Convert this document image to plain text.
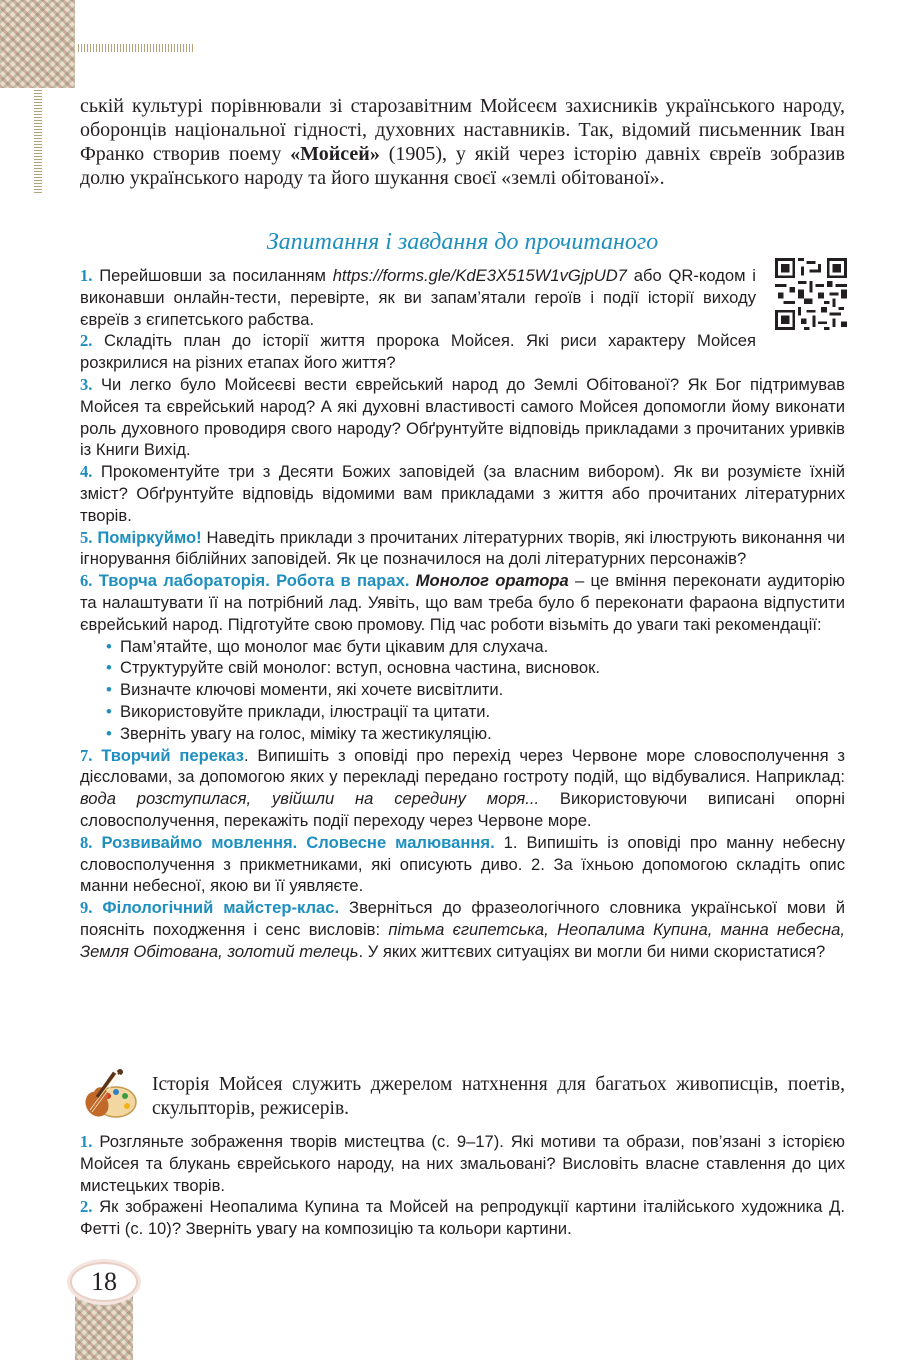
ській культурі порівнювали зі старозавітним Мойсеєм захисників українського народу, оборонців національної гідності, духовних наставників. Так, відомий письменник Іван Франко створив поему «Мойсей» (1905), у якій через історію давніх євреїв зобразив долю українського народу та його шукання своєї «землі обітованої».
Запитання і завдання до прочитаного
1. Перейшовши за посиланням https://forms.gle/KdE3X515W1vGjpUD7 або QR-кодом і виконавши онлайн-тести, перевірте, як ви запам’ятали героїв і події історії виходу євреїв з єгипетського рабства.
2. Складіть план до історії життя пророка Мойсея. Які риси характеру Мойсея розкрилися на різних етапах його життя?
3. Чи легко було Мойсеєві вести єврейський народ до Землі Обітованої? Як Бог підтримував Мойсея та єврейський народ? А які духовні властивості самого Мойсея допомогли йому виконати роль духовного проводиря свого народу? Обґрунтуйте відповідь прикладами з прочитаних уривків із Книги Вихід.
4. Прокоментуйте три з Десяти Божих заповідей (за власним вибором). Як ви розумієте їхній зміст? Обґрунтуйте відповідь відомими вам прикладами з життя або прочитаних літературних творів.
5. Поміркуймо! Наведіть приклади з прочитаних літературних творів, які ілюструють виконання чи ігнорування біблійних заповідей. Як це позначилося на долі літературних персонажів?
6. Творча лабораторія. Робота в парах. Монолог оратора – це вміння переконати аудиторію та налаштувати її на потрібний лад. Уявіть, що вам треба було б переконати фараона відпустити єврейський народ. Підготуйте свою промову. Під час роботи візьміть до уваги такі рекомендації:
• Пам’ятайте, що монолог має бути цікавим для слухача.
• Структуруйте свій монолог: вступ, основна частина, висновок.
• Визначте ключові моменти, які хочете висвітлити.
• Використовуйте приклади, ілюстрації та цитати.
• Зверніть увагу на голос, міміку та жестикуляцію.
7. Творчий переказ. Випишіть з оповіді про перехід через Червоне море словосполучення з дієсловами, за допомогою яких у перекладі передано гостроту подій, що відбувалися. Наприклад: вода розступилася, увійшли на середину моря... Використовуючи виписані опорні словосполучення, перекажіть події переходу через Червоне море.
8. Розвиваймо мовлення. Словесне малювання. 1. Випишіть із оповіді про манну небесну словосполучення з прикметниками, які описують диво. 2. За їхньою допомогою складіть опис манни небесної, якою ви її уявляєте.
9. Філологічний майстер-клас. Зверніться до фразеологічного словника української мови й поясніть походження і сенс висловів: пітьма єгипетська, Неопалима Купина, манна небесна, Земля Обітована, золотий телець. У яких життєвих ситуаціях ви могли би ними скористатися?
Історія Мойсея служить джерелом натхнення для багатьох живописців, поетів, скульпторів, режисерів.
1. Розгляньте зображення творів мистецтва (с. 9–17). Які мотиви та образи, пов’язані з історією Мойсея та блукань єврейського народу, на них змальовані? Висловіть власне ставлення до цих мистецьких творів.
2. Як зображені Неопалима Купина та Мойсей на репродукції картини італійського художника Д. Фетті (с. 10)? Зверніть увагу на композицію та кольори картини.
18
